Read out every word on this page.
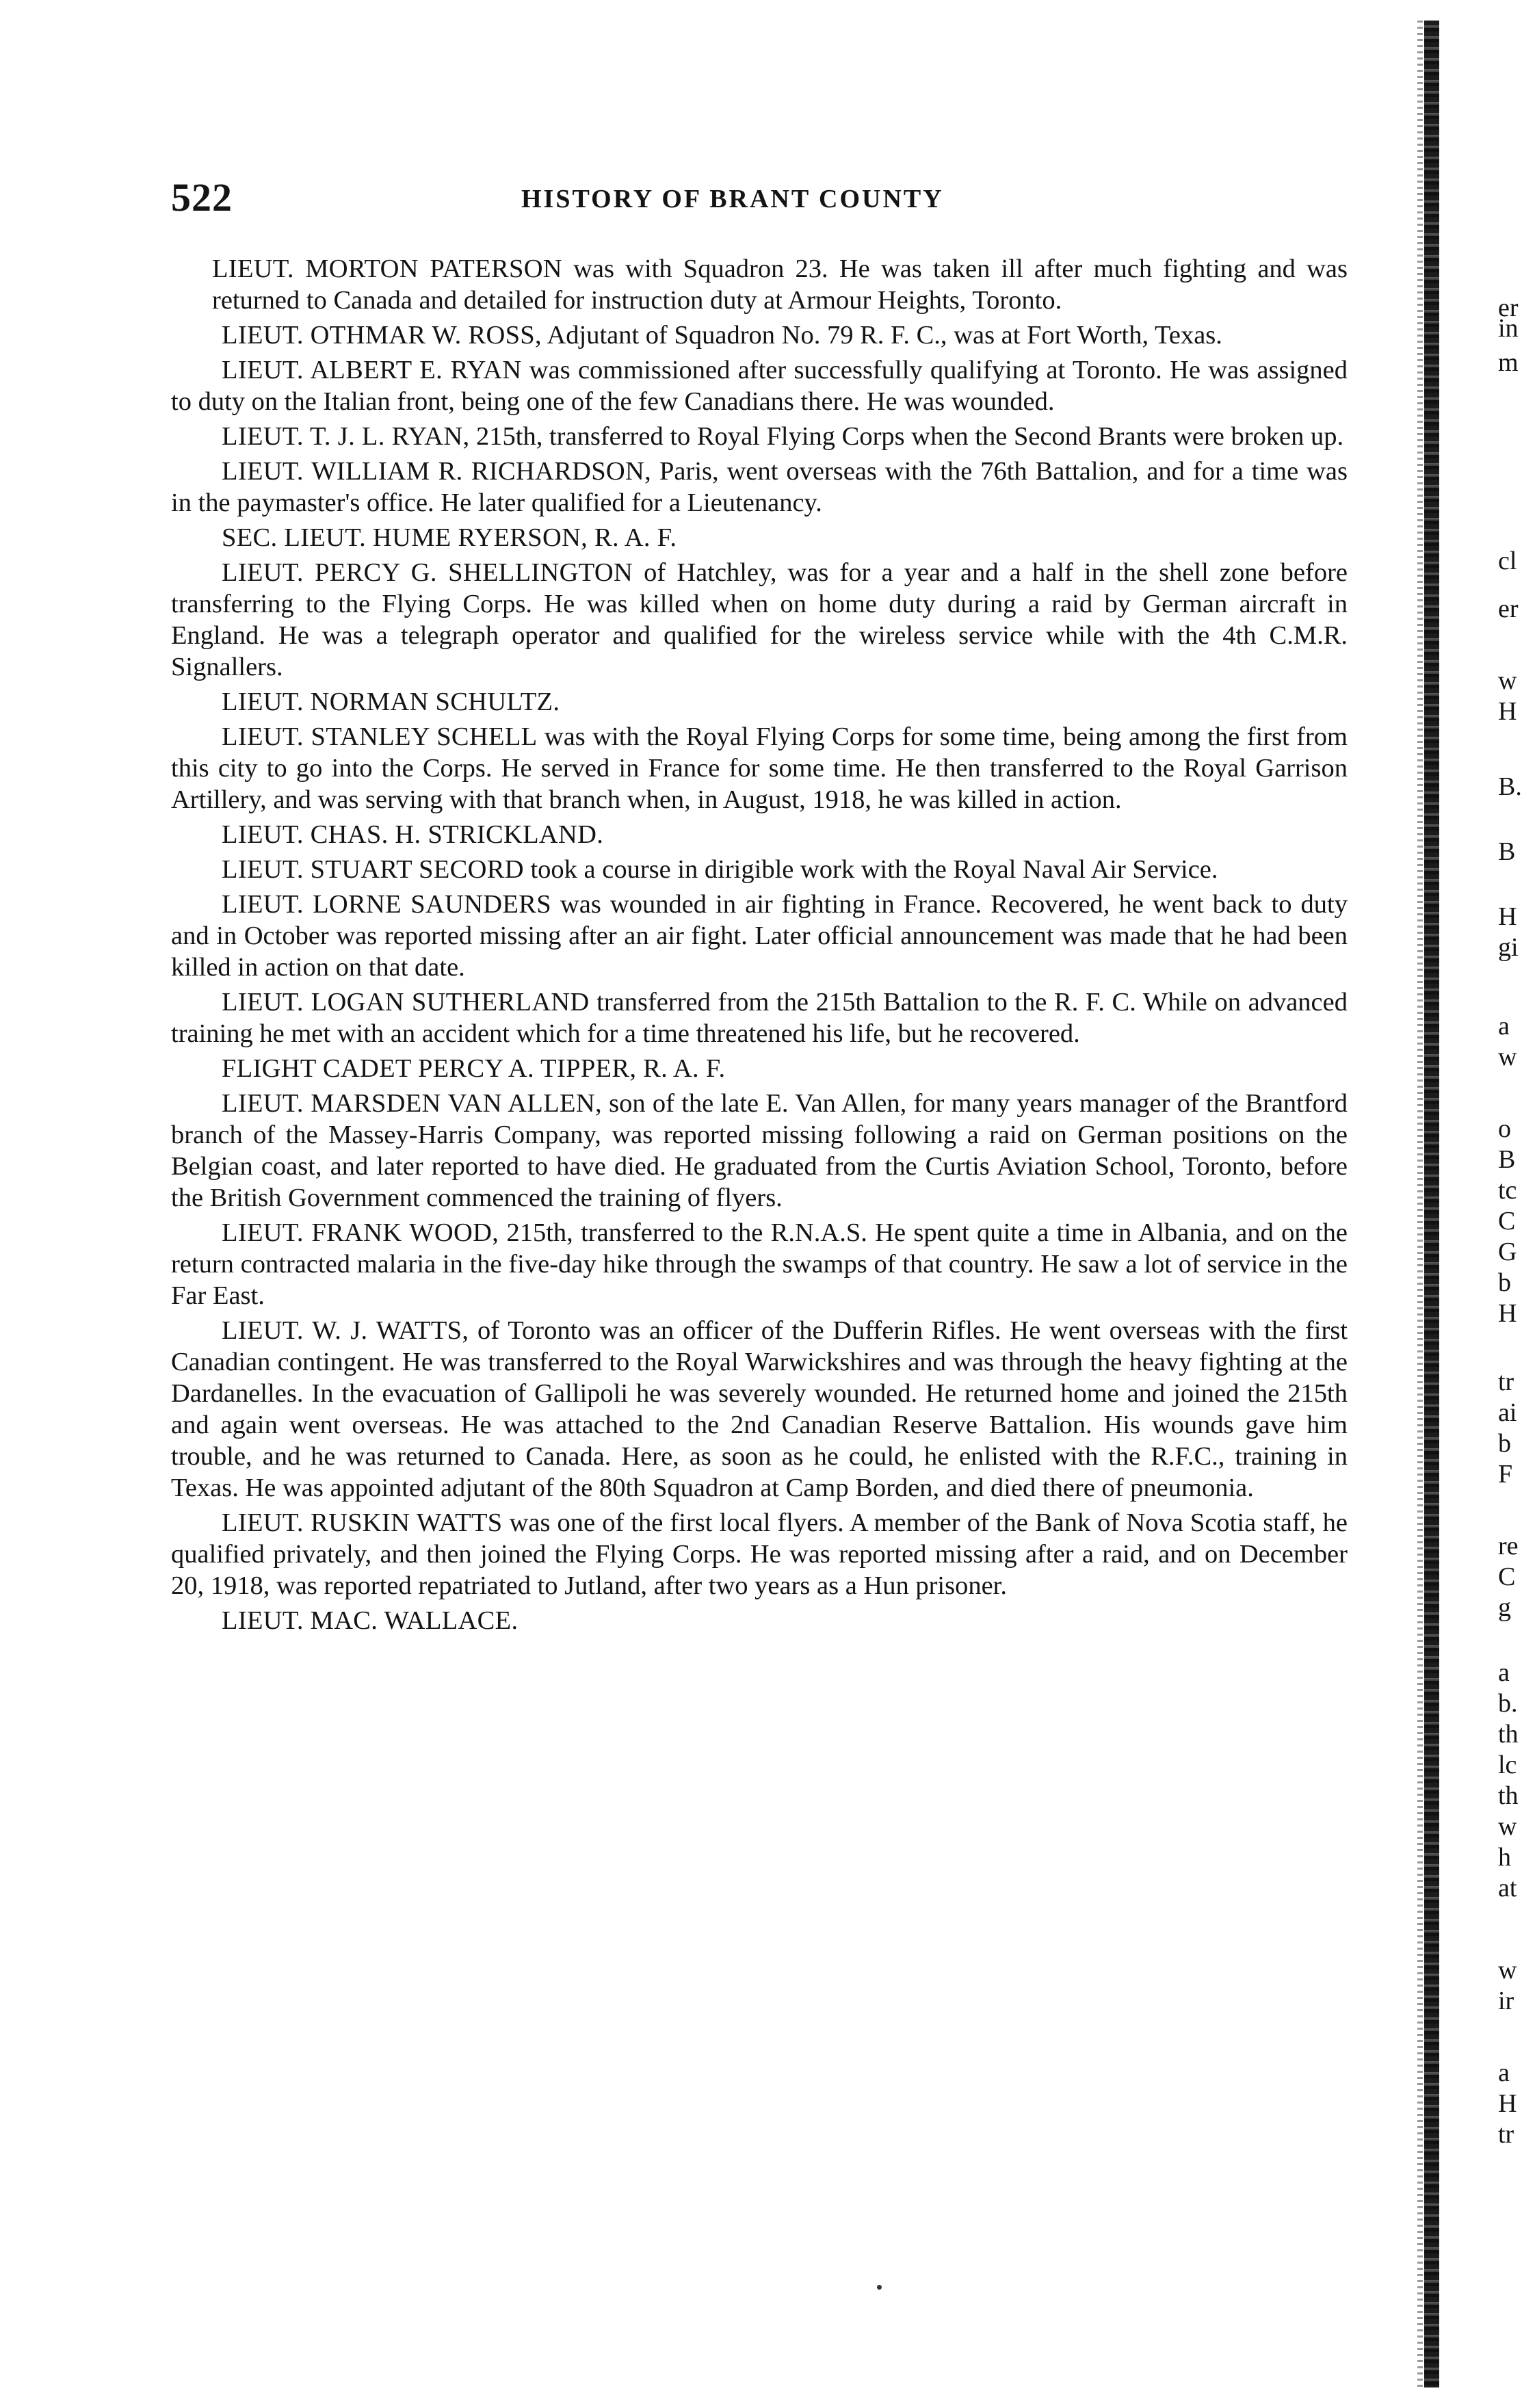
522	HISTORY OF BRANT COUNTY

LIEUT. MORTON PATERSON was with Squadron 23. He was taken ill after much fighting and was returned to Canada and detailed for instruction duty at Armour Heights, Toronto.

LIEUT. OTHMAR W. ROSS, Adjutant of Squadron No. 79 R. F. C., was at Fort Worth, Texas.

LIEUT. ALBERT E. RYAN was commissioned after successfully qualifying at Toronto. He was assigned to duty on the Italian front, being one of the few Canadians there. He was wounded.

LIEUT. T. J. L. RYAN, 215th, transferred to Royal Flying Corps when the Second Brants were broken up.

LIEUT. WILLIAM R. RICHARDSON, Paris, went overseas with the 76th Battalion, and for a time was in the paymaster's office. He later qualified for a Lieutenancy.

SEC. LIEUT. HUME RYERSON, R. A. F.

LIEUT. PERCY G. SHELLINGTON of Hatchley, was for a year and a half in the shell zone before transferring to the Flying Corps. He was killed when on home duty during a raid by German aircraft in England. He was a telegraph operator and qualified for the wireless service while with the 4th C.M.R. Signallers.

LIEUT. NORMAN SCHULTZ.

LIEUT. STANLEY SCHELL was with the Royal Flying Corps for some time, being among the first from this city to go into the Corps. He served in France for some time. He then transferred to the Royal Garrison Artillery, and was serving with that branch when, in August, 1918, he was killed in action.

LIEUT. CHAS. H. STRICKLAND.

LIEUT. STUART SECORD took a course in dirigible work with the Royal Naval Air Service.

LIEUT. LORNE SAUNDERS was wounded in air fighting in France. Recovered, he went back to duty and in October was reported missing after an air fight. Later official announcement was made that he had been killed in action on that date.

LIEUT. LOGAN SUTHERLAND transferred from the 215th Battalion to the R. F. C. While on advanced training he met with an accident which for a time threatened his life, but he recovered.

FLIGHT CADET PERCY A. TIPPER, R. A. F.

LIEUT. MARSDEN VAN ALLEN, son of the late E. Van Allen, for many years manager of the Brantford branch of the Massey-Harris Company, was reported missing following a raid on German positions on the Belgian coast, and later reported to have died. He graduated from the Curtis Aviation School, Toronto, before the British Government commenced the training of flyers.

LIEUT. FRANK WOOD, 215th, transferred to the R.N.A.S. He spent quite a time in Albania, and on the return contracted malaria in the five-day hike through the swamps of that country. He saw a lot of service in the Far East.

LIEUT. W. J. WATTS, of Toronto was an officer of the Dufferin Rifles. He went overseas with the first Canadian contingent. He was transferred to the Royal Warwickshires and was through the heavy fighting at the Dardanelles. In the evacuation of Gallipoli he was severely wounded. He returned home and joined the 215th and again went overseas. He was attached to the 2nd Canadian Reserve Battalion. His wounds gave him trouble, and he was returned to Canada. Here, as soon as he could, he enlisted with the R.F.C., training in Texas. He was appointed adjutant of the 80th Squadron at Camp Borden, and died there of pneumonia.

LIEUT. RUSKIN WATTS was one of the first local flyers. A member of the Bank of Nova Scotia staff, he qualified privately, and then joined the Flying Corps. He was reported missing after a raid, and on December 20, 1918, was reported repatriated to Jutland, after two years as a Hun prisoner.

LIEUT. MAC. WALLACE.

er
in
m
cl
er
w
H
B.
B
H
gi
a
w
o
B
tc
C
G
b
H
tr
ai
b
F
re
C
g
a
b.
th
lc
th
w
h
at
w
ir
a
H
tr
